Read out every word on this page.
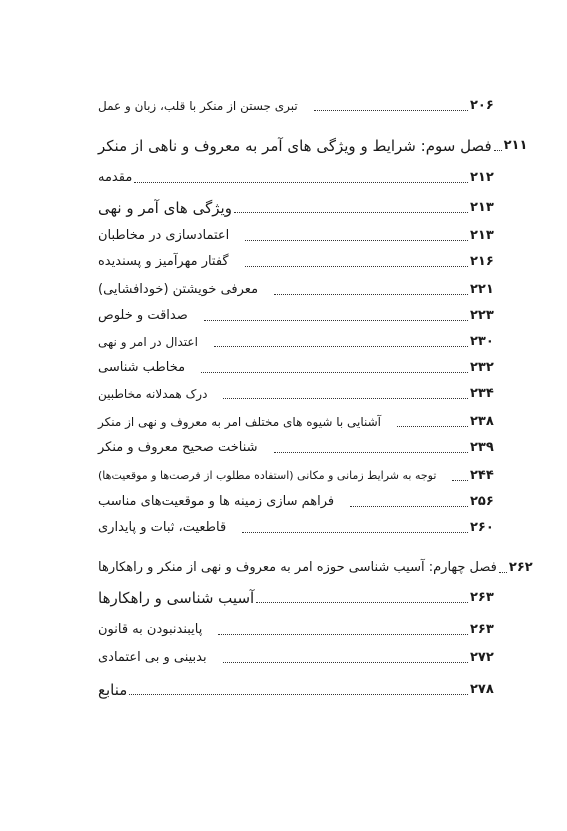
تبری جستن از منکر با قلب، زبان و عمل	۲۰۶
فصل سوم: شرایط و ویژگی های آمر به معروف و ناهی از منکر ۲۱۱
مقدمه	۲۱۲
ویژگی های آمر و نهی	۲۱۳
اعتمادسازی در مخاطبان	۲۱۳
گفتار مهرآمیز و پسندیده	۲۱۶
معرفی خویشتن (خودافشایی)	۲۲۱
صداقت و خلوص	۲۲۳
اعتدال در امر و نهی	۲۳۰
مخاطب شناسی	۲۳۲
درک همدلانه مخاطبین	۲۳۴
آشنایی با شیوه های مختلف امر به معروف و نهی از منکر	۲۳۸
شناخت صحیح معروف و منکر	۲۳۹
توجه به شرایط زمانی و مکانی (استفاده مطلوب از فرصت‌ها و موقعیت‌ها)	۲۴۴
فراهم سازی زمینه ها و موقعیت‌های مناسب	۲۵۶
قاطعیت، ثبات و پایداری	۲۶۰
فصل چهارم: آسیب شناسی حوزه امر به معروف و نهی از منکر و راهکارها ۲۶۲
آسیب شناسی و راهکارها	۲۶۳
پایبندنبودن به قانون	۲۶۳
بدبینی و بی اعتمادی	۲۷۲
منابع	۲۷۸
